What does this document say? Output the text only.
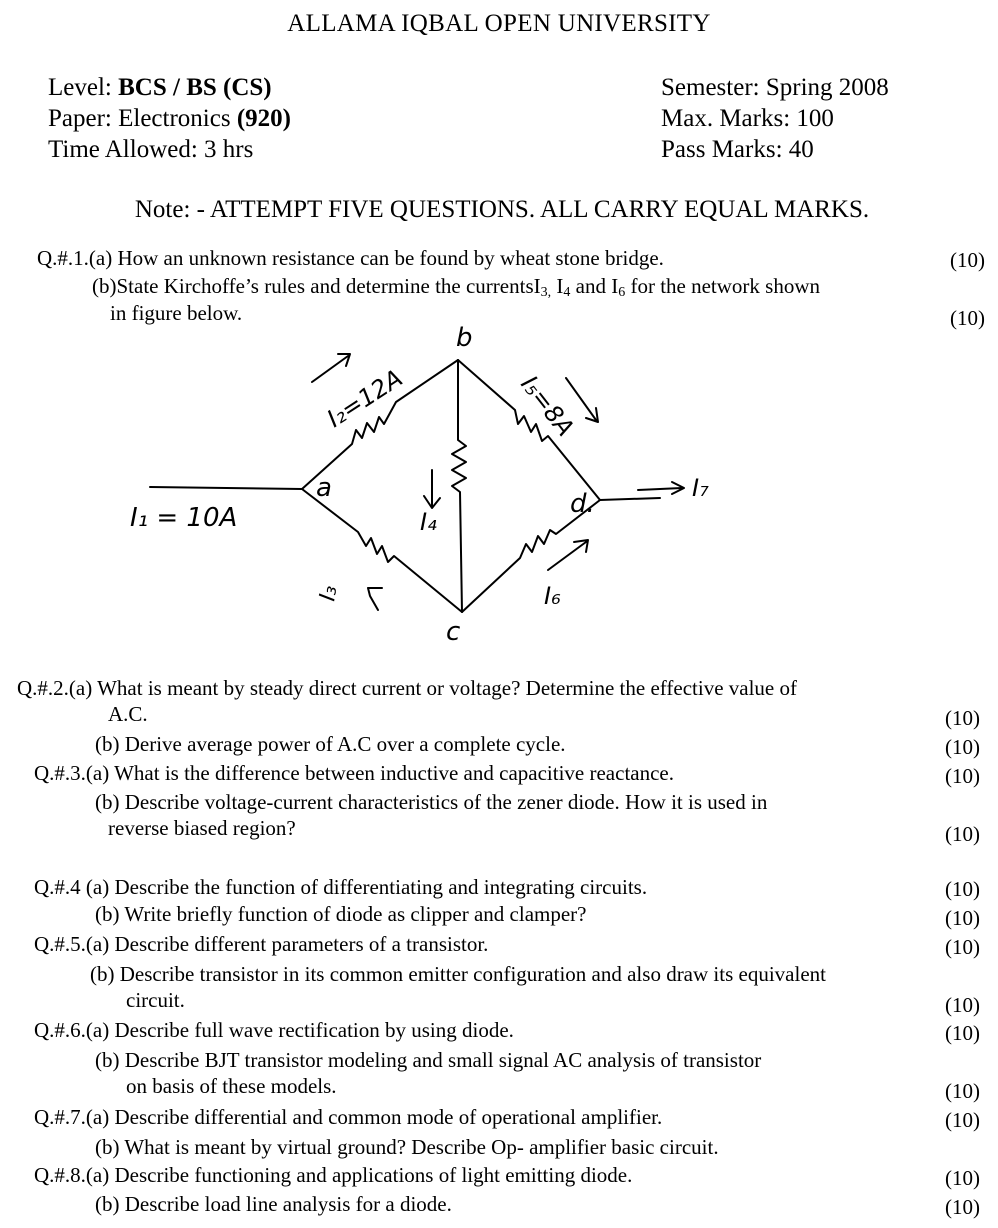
ALLAMA IQBAL OPEN UNIVERSITY
Level: BCS / BS (CS)
Paper: Electronics (920)
Time Allowed: 3 hrs
Semester: Spring 2008
Max. Marks: 100
Pass Marks: 40
Note: - ATTEMPT FIVE QUESTIONS. ALL CARRY EQUAL MARKS.
Q.#.1.(a) How an unknown resistance can be found by wheat stone bridge.	(10)
(b)State Kirchoffe’s rules and determine the currentsI$_{3,}$ $I_4$ and $I_6$ for the network shown
in figure below.	(10)
a
b
c
d.
I₁ = 10A
I₂=12A	I₅=8A
I₄
I₃	I₆
I₇
Q.#.2.(a) What is meant by steady direct current or voltage? Determine the effective value of
A.C.	(10)
(b) Derive average power of A.C over a complete cycle.	(10)
Q.#.3.(a) What is the difference between inductive and capacitive reactance.	(10)
(b) Describe voltage-current characteristics of the zener diode. How it is used in
reverse biased region?	(10)
Q.#.4 (a) Describe the function of differentiating and integrating circuits.	(10)
(b) Write briefly function of diode as clipper and clamper?	(10)
Q.#.5.(a) Describe different parameters of a transistor.	(10)
(b) Describe transistor in its common emitter configuration and also draw its equivalent
circuit.	(10)
Q.#.6.(a) Describe full wave rectification by using diode.	(10)
(b) Describe BJT transistor modeling and small signal AC analysis of transistor
on basis of these models.	(10)
Q.#.7.(a) Describe differential and common mode of operational amplifier.	(10)
(b) What is meant by virtual ground? Describe Op- amplifier basic circuit.
Q.#.8.(a) Describe functioning and applications of light emitting diode.	(10)
(b) Describe load line analysis for a diode.	(10)
